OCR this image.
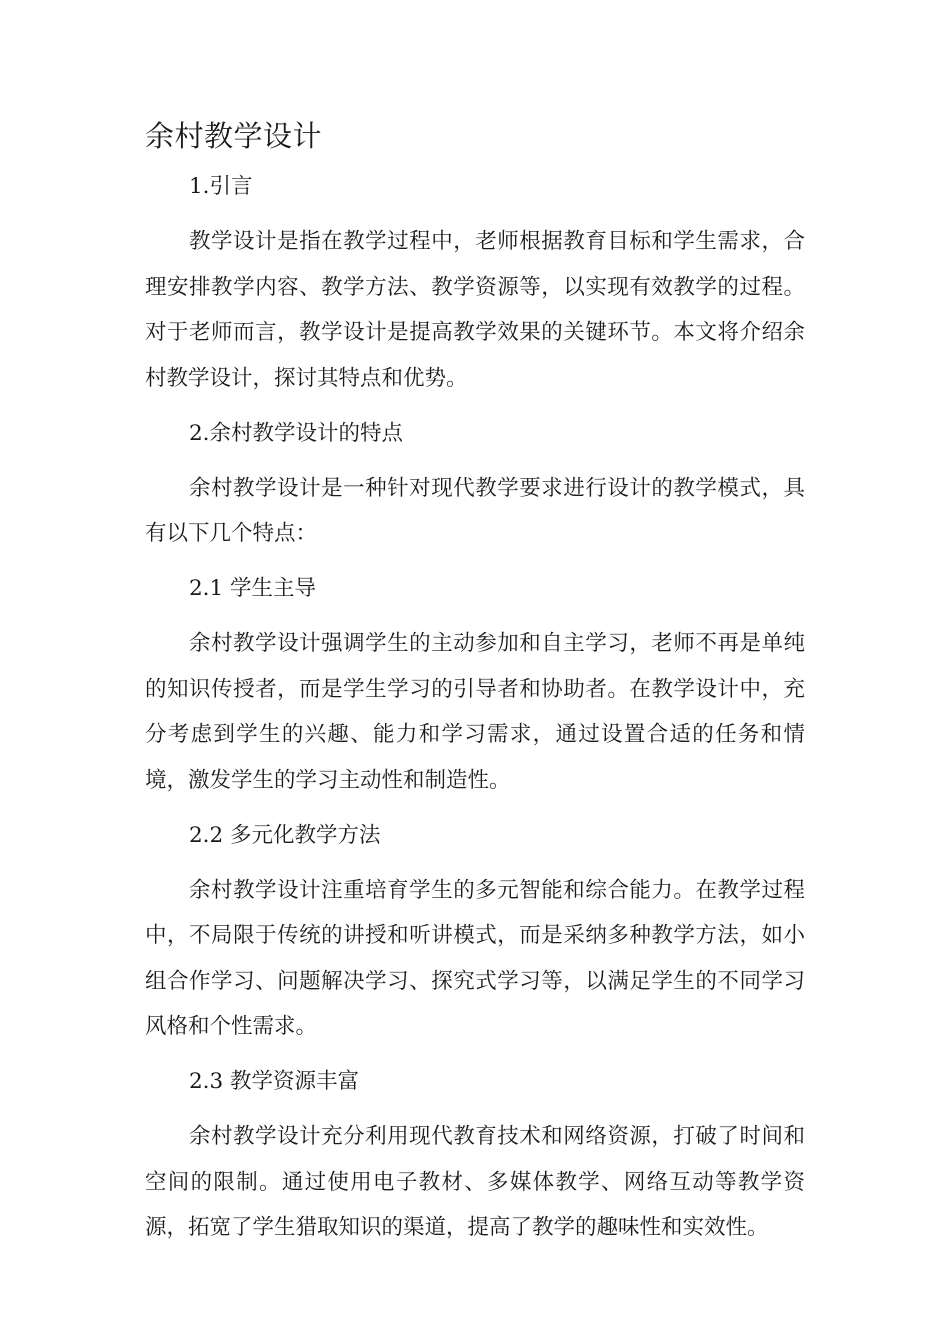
余村教学设计

1.引言

教学设计是指在教学过程中，老师根据教育目标和学生需求，合理安排教学内容、教学方法、教学资源等，以实现有效教学的过程。对于老师而言，教学设计是提高教学效果的关键环节。本文将介绍余村教学设计，探讨其特点和优势。

2.余村教学设计的特点

余村教学设计是一种针对现代教学要求进行设计的教学模式，具有以下几个特点：

2.1 学生主导

余村教学设计强调学生的主动参加和自主学习，老师不再是单纯的知识传授者，而是学生学习的引导者和协助者。在教学设计中，充分考虑到学生的兴趣、能力和学习需求，通过设置合适的任务和情境，激发学生的学习主动性和制造性。

2.2 多元化教学方法

余村教学设计注重培育学生的多元智能和综合能力。在教学过程中，不局限于传统的讲授和听讲模式，而是采纳多种教学方法，如小组合作学习、问题解决学习、探究式学习等，以满足学生的不同学习风格和个性需求。

2.3 教学资源丰富

余村教学设计充分利用现代教育技术和网络资源，打破了时间和空间的限制。通过使用电子教材、多媒体教学、网络互动等教学资源，拓宽了学生猎取知识的渠道，提高了教学的趣味性和实效性。
